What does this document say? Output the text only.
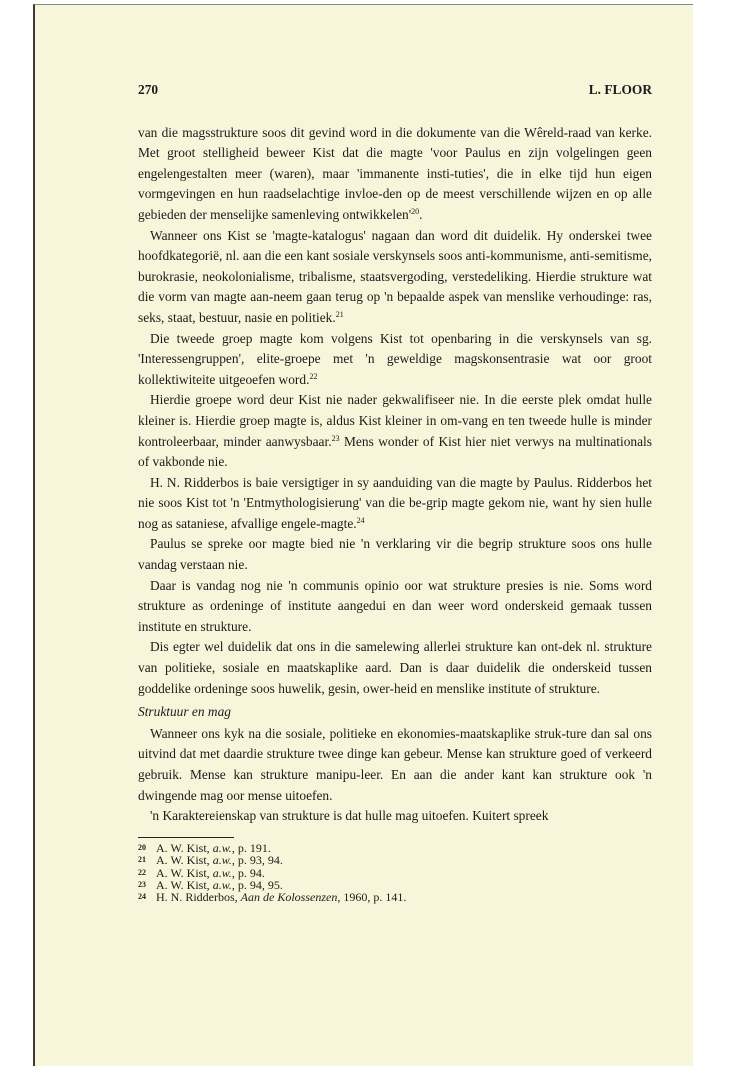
270	L. FLOOR

van die magsstrukture soos dit gevind word in die dokumente van die Wêreld-raad van kerke. Met groot stelligheid beweer Kist dat die magte 'voor Paulus en zijn volgelingen geen engelengestalten meer (waren), maar 'immanente insti-tuties', die in elke tijd hun eigen vormgevingen en hun raadselachtige invloe-den op de meest verschillende wijzen en op alle gebieden der menselijke samenleving $ontwikkelen'^{20}$.

Wanneer ons Kist se 'magte-katalogus' nagaan dan word dit duidelik. Hy onderskei twee hoofdkategorië, nl. aan die een kant sosiale verskynsels soos anti-kommunisme, anti-semitisme, burokrasie, neokolonialisme, tribalisme, staatsvergoding, verstedeliking. Hierdie strukture wat die vorm van magte aan-neem gaan terug op 'n bepaalde aspek van menslike verhoudinge: ras, seks, staat, bestuur, nasie en politiek.$^{21}$

Die tweede groep magte kom volgens Kist tot openbaring in die verskynsels van sg. 'Interessengruppen', elite-groepe met 'n geweldige magskonsentrasie wat oor groot kollektiwiteite uitgeoefen word.$^{22}$

Hierdie groepe word deur Kist nie nader gekwalifiseer nie. In die eerste plek omdat hulle kleiner is. Hierdie groep magte is, aldus Kist kleiner in om-vang en ten tweede hulle is minder kontroleerbaar, minder aanwysbaar.$^{23}$ Mens wonder of Kist hier niet verwys na multinationals of vakbonde nie.

H. N. Ridderbos is baie versigtiger in sy aanduiding van die magte by Paulus. Ridderbos het nie soos Kist tot 'n 'Entmythologisierung' van die be-grip magte gekom nie, want hy sien hulle nog as sataniese, afvallige engele-magte.$^{24}$

Paulus se spreke oor magte bied nie 'n verklaring vir die begrip strukture soos ons hulle vandag verstaan nie.

Daar is vandag nog nie 'n communis opinio oor wat strukture presies is nie. Soms word strukture as ordeninge of institute aangedui en dan weer word onderskeid gemaak tussen institute en strukture.

Dis egter wel duidelik dat ons in die samelewing allerlei strukture kan ont-dek nl. strukture van politieke, sosiale en maatskaplike aard. Dan is daar duidelik die onderskeid tussen goddelike ordeninge soos huwelik, gesin, ower-heid en menslike institute of strukture.

Struktuur en mag

Wanneer ons kyk na die sosiale, politieke en ekonomies-maatskaplike struk-ture dan sal ons uitvind dat met daardie strukture twee dinge kan gebeur. Mense kan strukture goed of verkeerd gebruik. Mense kan strukture manipu-leer. En aan die ander kant kan strukture ook 'n dwingende mag oor mense uitoefen.

'n Karaktereienskap van strukture is dat hulle mag uitoefen. Kuitert spreek

20 A. W. Kist, a.w., p. 191.

21 A. W. Kist, a.w., p. 93, 94.

22 A. W. Kist, a.w., p. 94.

23 A. W. Kist, a.w., p. 94, 95.

24 H. N. Ridderbos, Aan de Kolossenzen, 1960, p. 141.
